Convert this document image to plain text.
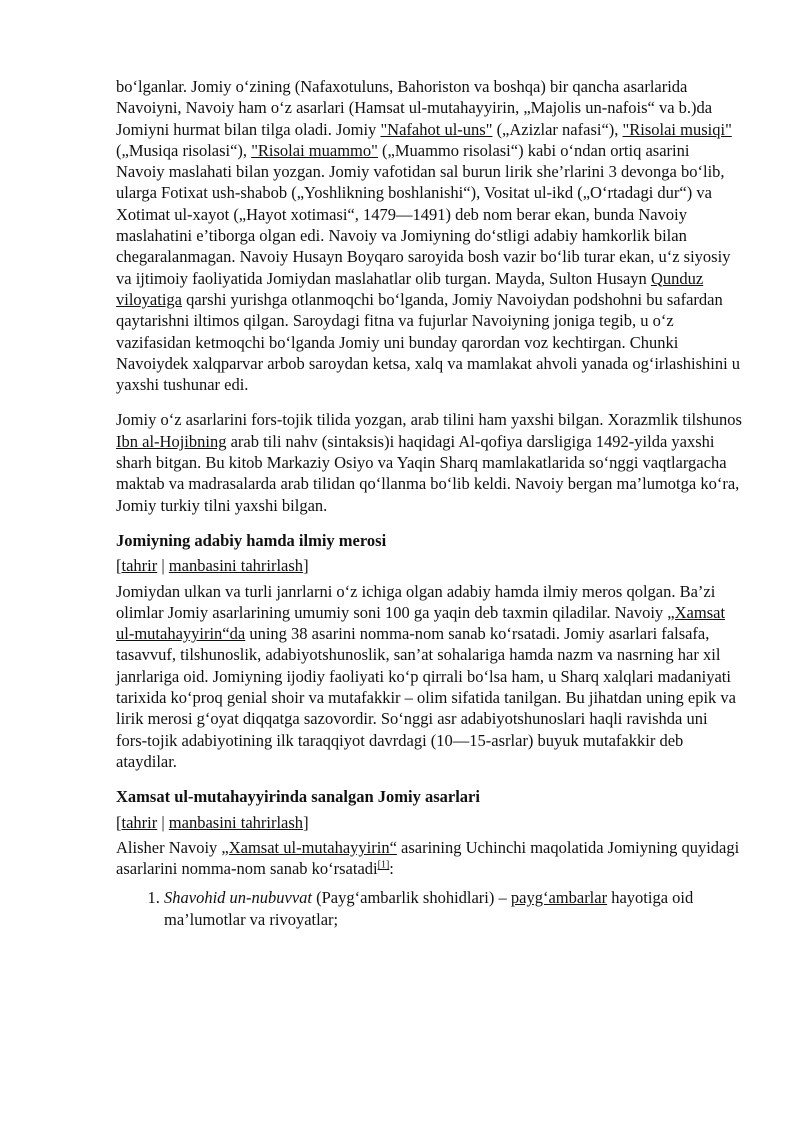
bo‘lganlar. Jomiy o‘zining (Nafaxotuluns, Bahoriston va boshqa) bir qancha asarlarida Navoiyni, Navoiy ham o‘z asarlari (Hamsat ul-mutahayyirin, „Majolis un-nafois“ va b.)da Jomiyni hurmat bilan tilga oladi. Jomiy "Nafahot ul-uns" („Azizlar nafasi“), "Risolai musiqi" („Musiqa risolasi“), "Risolai muammo" („Muammo risolasi“) kabi o‘ndan ortiq asarini Navoiy maslahati bilan yozgan. Jomiy vafotidan sal burun lirik she’rlarini 3 devonga bo‘lib, ularga Fotixat ush-shabob („Yoshlikning boshlanishi“), Vositat ul-ikd („O‘rtadagi dur“) va Xotimat ul-xayot („Hayot xotimasi“, 1479—1491) deb nom berar ekan, bunda Navoiy maslahatini e’tiborga olgan edi. Navoiy va Jomiyning do‘stligi adabiy hamkorlik bilan chegaralanmagan. Navoiy Husayn Boyqaro saroyida bosh vazir bo‘lib turar ekan, u‘z siyosiy va ijtimoiy faoliyatida Jomiydan maslahatlar olib turgan. Mayda, Sulton Husayn Qunduz viloyatiga qarshi yurishga otlanmoqchi bo‘lganda, Jomiy Navoiydan podshohni bu safardan qaytarishni iltimos qilgan. Saroydagi fitna va fujurlar Navoiyning joniga tegib, u o‘z vazifasidan ketmoqchi bo‘lganda Jomiy uni bunday qarordan voz kechtirgan. Chunki Navoiydek xalqparvar arbob saroydan ketsa, xalq va mamlakat ahvoli yanada og‘irlashishini u yaxshi tushunar edi.

Jomiy o‘z asarlarini fors-tojik tilida yozgan, arab tilini ham yaxshi bilgan. Xorazmlik tilshunos Ibn al-Hojibning arab tili nahv (sintaksis)i haqidagi Al-qofiya darsligiga 1492-yilda yaxshi sharh bitgan. Bu kitob Markaziy Osiyo va Yaqin Sharq mamlakatlarida so‘nggi vaqtlargacha maktab va madrasalarda arab tilidan qo‘llanma bo‘lib keldi. Navoiy bergan ma’lumotga ko‘ra, Jomiy turkiy tilni yaxshi bilgan.

Jomiyning adabiy hamda ilmiy merosi
[tahrir | manbasini tahrirlash]

Jomiydan ulkan va turli janrlarni o‘z ichiga olgan adabiy hamda ilmiy meros qolgan. Ba’zi olimlar Jomiy asarlarining umumiy soni 100 ga yaqin deb taxmin qiladilar. Navoiy „Xamsat ul-mutahayyirin“da uning 38 asarini nomma-nom sanab ko‘rsatadi. Jomiy asarlari falsafa, tasavvuf, tilshunoslik, adabiyotshunoslik, san’at sohalariga hamda nazm va nasrning har xil janrlariga oid. Jomiyning ijodiy faoliyati ko‘p qirrali bo‘lsa ham, u Sharq xalqlari madaniyati tarixida ko‘proq genial shoir va mutafakkir – olim sifatida tanilgan. Bu jihatdan uning epik va lirik merosi g‘oyat diqqatga sazovordir. So‘nggi asr adabiyotshunoslari haqli ravishda uni fors-tojik adabiyotining ilk taraqqiyot davrdagi (10—15-asrlar) buyuk mutafakkir deb ataydilar.

Xamsat ul-mutahayyirinda sanalgan Jomiy asarlari
[tahrir | manbasini tahrirlash]

Alisher Navoiy „Xamsat ul-mutahayyirin“ asarining Uchinchi maqolatida Jomiyning quyidagi asarlarini nomma-nom sanab ko‘rsatadi[1]:

1. Shavohid un-nubuvvat (Payg‘ambarlik shohidlari) – payg‘ambarlar hayotiga oid ma’lumotlar va rivoyatlar;
